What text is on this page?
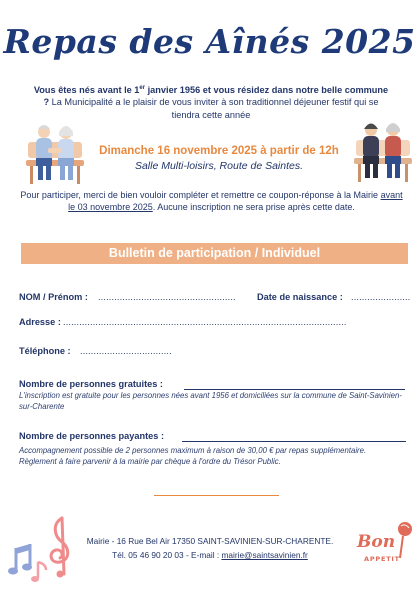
Repas des Aînés 2025
Vous êtes nés avant le 1er janvier 1956 et vous résidez dans notre belle commune ? La Municipalité a le plaisir de vous inviter à son traditionnel déjeuner festif qui se tiendra cette année
Dimanche 16 novembre 2025 à partir de 12h
Salle Multi-loisirs, Route de Saintes.
Pour participer, merci de bien vouloir compléter et remettre ce coupon-réponse à la Mairie avant le 03 novembre 2025. Aucune inscription ne sera prise après cette date.
Bulletin de participation / Individuel
NOM / Prénom : ...................................................	Date de naissance : ......................
Adresse : .........................................................................................................
Téléphone : ..................................
Nombre de personnes gratuites :
L'inscription est gratuite pour les personnes nées avant 1956 et domiciliées sur la commune de Saint-Savinien-sur-Charente
Nombre de personnes payantes :
Accompagnement possible de 2 personnes maximum à raison de 30,00 € par repas supplémentaire. Règlement à faire parvenir à la mairie par chèque à l'ordre du Trésor Public.
Mairie - 16 Rue Bel Air 17350 SAINT-SAVINIEN-SUR-CHARENTE.
Tél. 05 46 90 20 03 - E-mail : mairie@saintsavinien.fr
Bon
APPETIT
